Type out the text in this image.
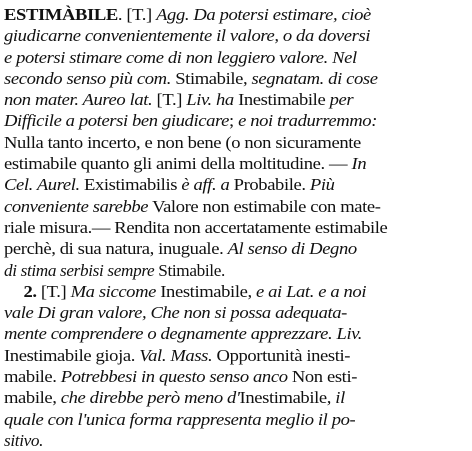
ESTIMÀBILE. [T.] Agg. Da potersi estimare, cioè
giudicarne convenientemente il valore, o da doversi
e potersi stimare come di non leggiero valore. Nel
secondo senso più com. Stimabile, segnatam. di cose
non mater. Aureo lat. [T.] Liv. ha Inestimabile per
Difficile a potersi ben giudicare; e noi tradurremmo:
Nulla tanto incerto, e non bene (o non sicuramente
estimabile quanto gli animi della moltitudine. — In
Cel. Aurel. Existimabilis è aff. a Probabile. Più
conveniente sarebbe Valore non estimabile con mate-
riale misura.— Rendita non accertatamente estimabile
perchè, di sua natura, inuguale. Al senso di Degno
di stima serbisi sempre Stimabile.
2. [T.] Ma siccome Inestimabile, e ai Lat. e a noi
vale Di gran valore, Che non si possa adequata-
mente comprendere o degnamente apprezzare. Liv.
Inestimabile gioja. Val. Mass. Opportunità inesti-
mabile. Potrebbesi in questo senso anco Non esti-
mabile, che direbbe però meno d'Inestimabile, il
quale con l'unica forma rappresenta meglio il po-
sitivo.
